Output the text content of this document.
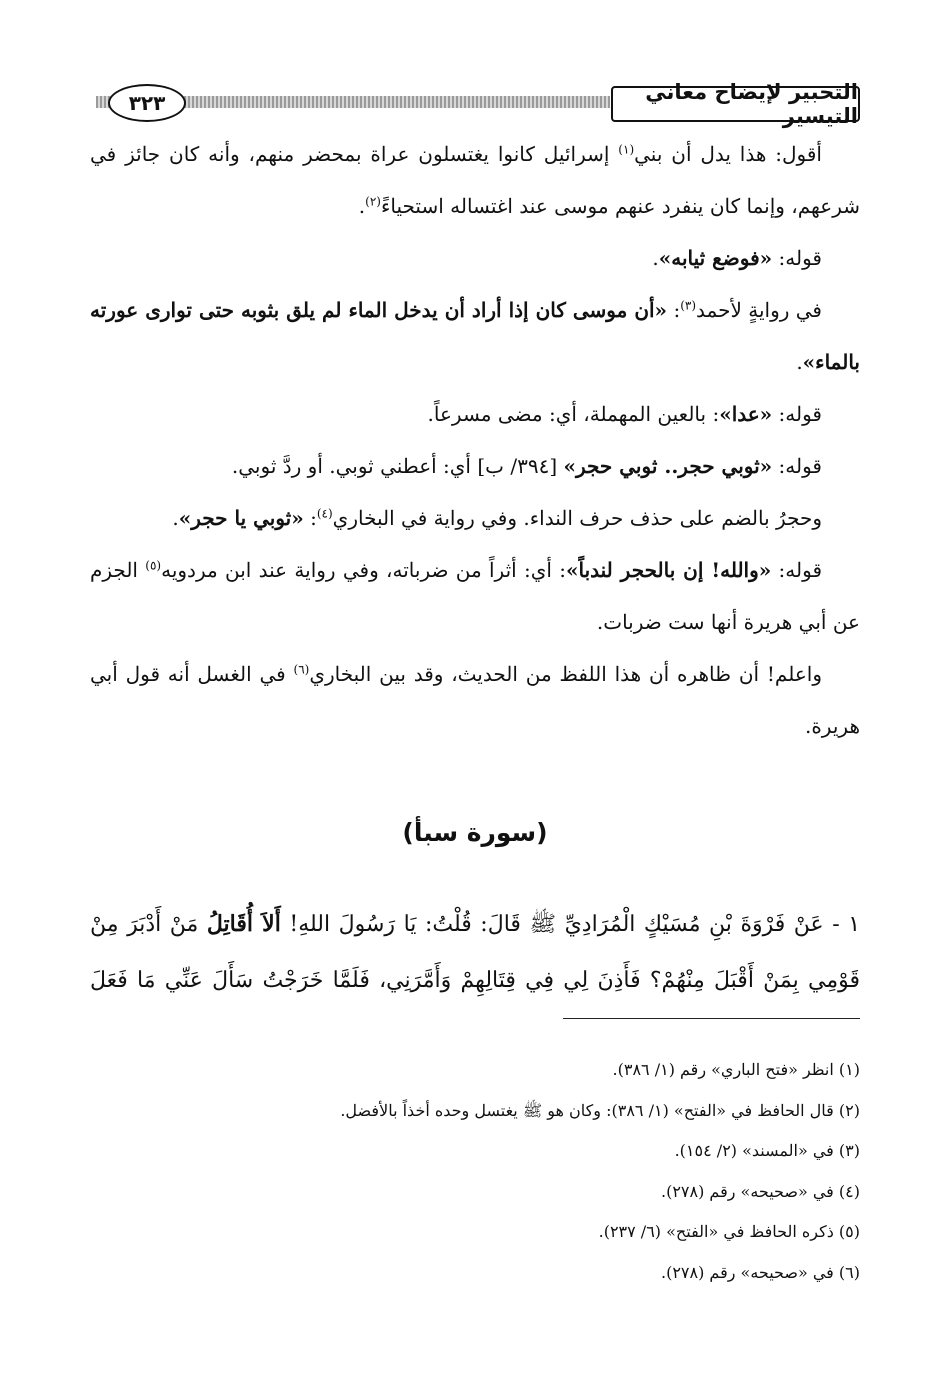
٣٢٣	التحبير لإيضاح معاني التيسير

أقول: هذا يدل أن بني$^{(١)}$ إسرائيل كانوا يغتسلون عراة بمحضر منهم، وأنه كان جائز في شرعهم، وإنما كان ينفرد عنهم موسى عند اغتساله استحياءً$^{(٢)}$.

قوله: «فوضع ثيابه».

في روايةٍ لأحمد$^{(٣)}$: «أن موسى كان إذا أراد أن يدخل الماء لم يلق بثوبه حتى توارى عورته بالماء».

قوله: «عدا»: بالعين المهملة، أي: مضى مسرعاً.

قوله: «ثوبي حجر.. ثوبي حجر» [٣٩٤/ ب] أي: أعطني ثوبي. أو ردَّ ثوبي.

وحجرُ بالضم على حذف حرف النداء. وفي رواية في البخاري$^{(٤)}$: «ثوبي يا حجر».

قوله: «والله! إن بالحجر لندباً»: أي: أثراً من ضرباته، وفي رواية عند ابن مردويه$^{(٥)}$ الجزم عن أبي هريرة أنها ست ضربات.

واعلم! أن ظاهره أن هذا اللفظ من الحديث، وقد بين البخاري$^{(٦)}$ في الغسل أنه قول أبي هريرة.

(سورة سبأ)

١ - عَنْ فَرْوَةَ بْنِ مُسَيْكٍ الْمُرَادِيِّ ﷺ قَالَ: قُلْتُ: يَا رَسُولَ اللهِ! أَلاَ أُقَاتِلُ مَنْ أَدْبَرَ مِنْ قَوْمِي بِمَنْ أَقْبَلَ مِنْهُمْ؟ فَأَذِنَ لِي فِي قِتَالِهِمْ وَأَمَّرَنِي، فَلَمَّا خَرَجْتُ سَأَلَ عَنِّي مَا فَعَلَ

(١) انظر «فتح الباري» رقم (١/ ٣٨٦).

(٢) قال الحافظ في «الفتح» (١/ ٣٨٦): وكان هو ﷺ يغتسل وحده أخذاً بالأفضل.

(٣) في «المسند» (٢/ ١٥٤).

(٤) في «صحيحه» رقم (٢٧٨).

(٥) ذكره الحافظ في «الفتح» (٦/ ٢٣٧).

(٦) في «صحيحه» رقم (٢٧٨).
